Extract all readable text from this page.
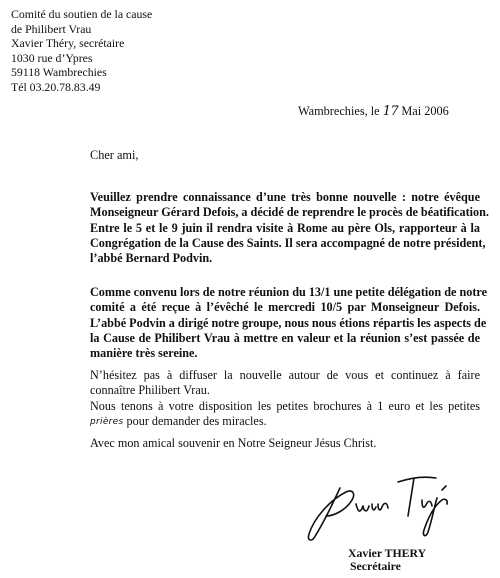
Comité du soutien de la cause
de Philibert Vrau
Xavier Théry, secrétaire
1030 rue d’Ypres
59118 Wambrechies
Tél 03.20.78.83.49
Wambrechies, le 17 Mai 2006
Cher ami,
Veuillez prendre connaissance d’une très bonne nouvelle : notre évêque
Monseigneur Gérard Defois, a décidé de reprendre le procès de béatification.
Entre le 5 et le 9 juin il rendra visite à Rome au père Ols, rapporteur à la
Congrégation de la Cause des Saints. Il sera accompagné de notre président,
l’abbé Bernard Podvin.
Comme convenu lors de notre réunion du 13/1 une petite délégation de notre
comité a été reçue à l’évêché le mercredi 10/5 par Monseigneur Defois.
L’abbé Podvin a dirigé notre groupe, nous nous étions répartis les aspects de
la Cause de Philibert Vrau à mettre en valeur et la réunion s’est passée de
manière très sereine.
N’hésitez pas à diffuser la nouvelle autour de vous et continuez à faire
connaître Philibert Vrau.
Nous tenons à votre disposition les petites brochures à 1 euro et les petites
prières pour demander des miracles.
Avec mon amical souvenir en Notre Seigneur Jésus Christ.
Xavier THERY
Secrétaire
